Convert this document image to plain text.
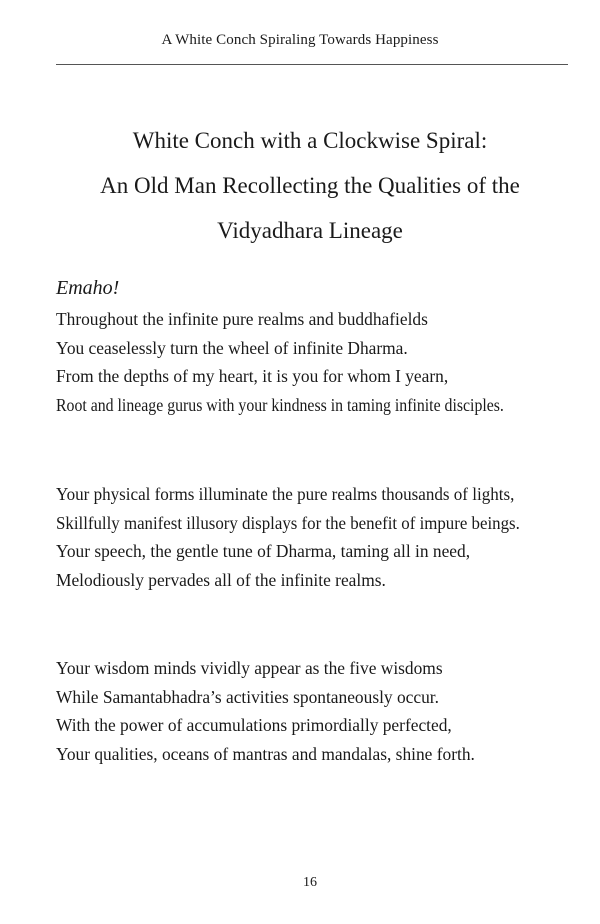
A White Conch Spiraling Towards Happiness
White Conch with a Clockwise Spiral:
An Old Man Recollecting the Qualities of the
Vidyadhara Lineage
Emaho!
Throughout the infinite pure realms and buddhafields
You ceaselessly turn the wheel of infinite Dharma.
From the depths of my heart, it is you for whom I yearn,
Root and lineage gurus with your kindness in taming infinite disciples.
Your physical forms illuminate the pure realms thousands of lights,
Skillfully manifest illusory displays for the benefit of impure beings.
Your speech, the gentle tune of Dharma, taming all in need,
Melodiously pervades all of the infinite realms.
Your wisdom minds vividly appear as the five wisdoms
While Samantabhadra’s activities spontaneously occur.
With the power of accumulations primordially perfected,
Your qualities, oceans of mantras and mandalas, shine forth.
16
